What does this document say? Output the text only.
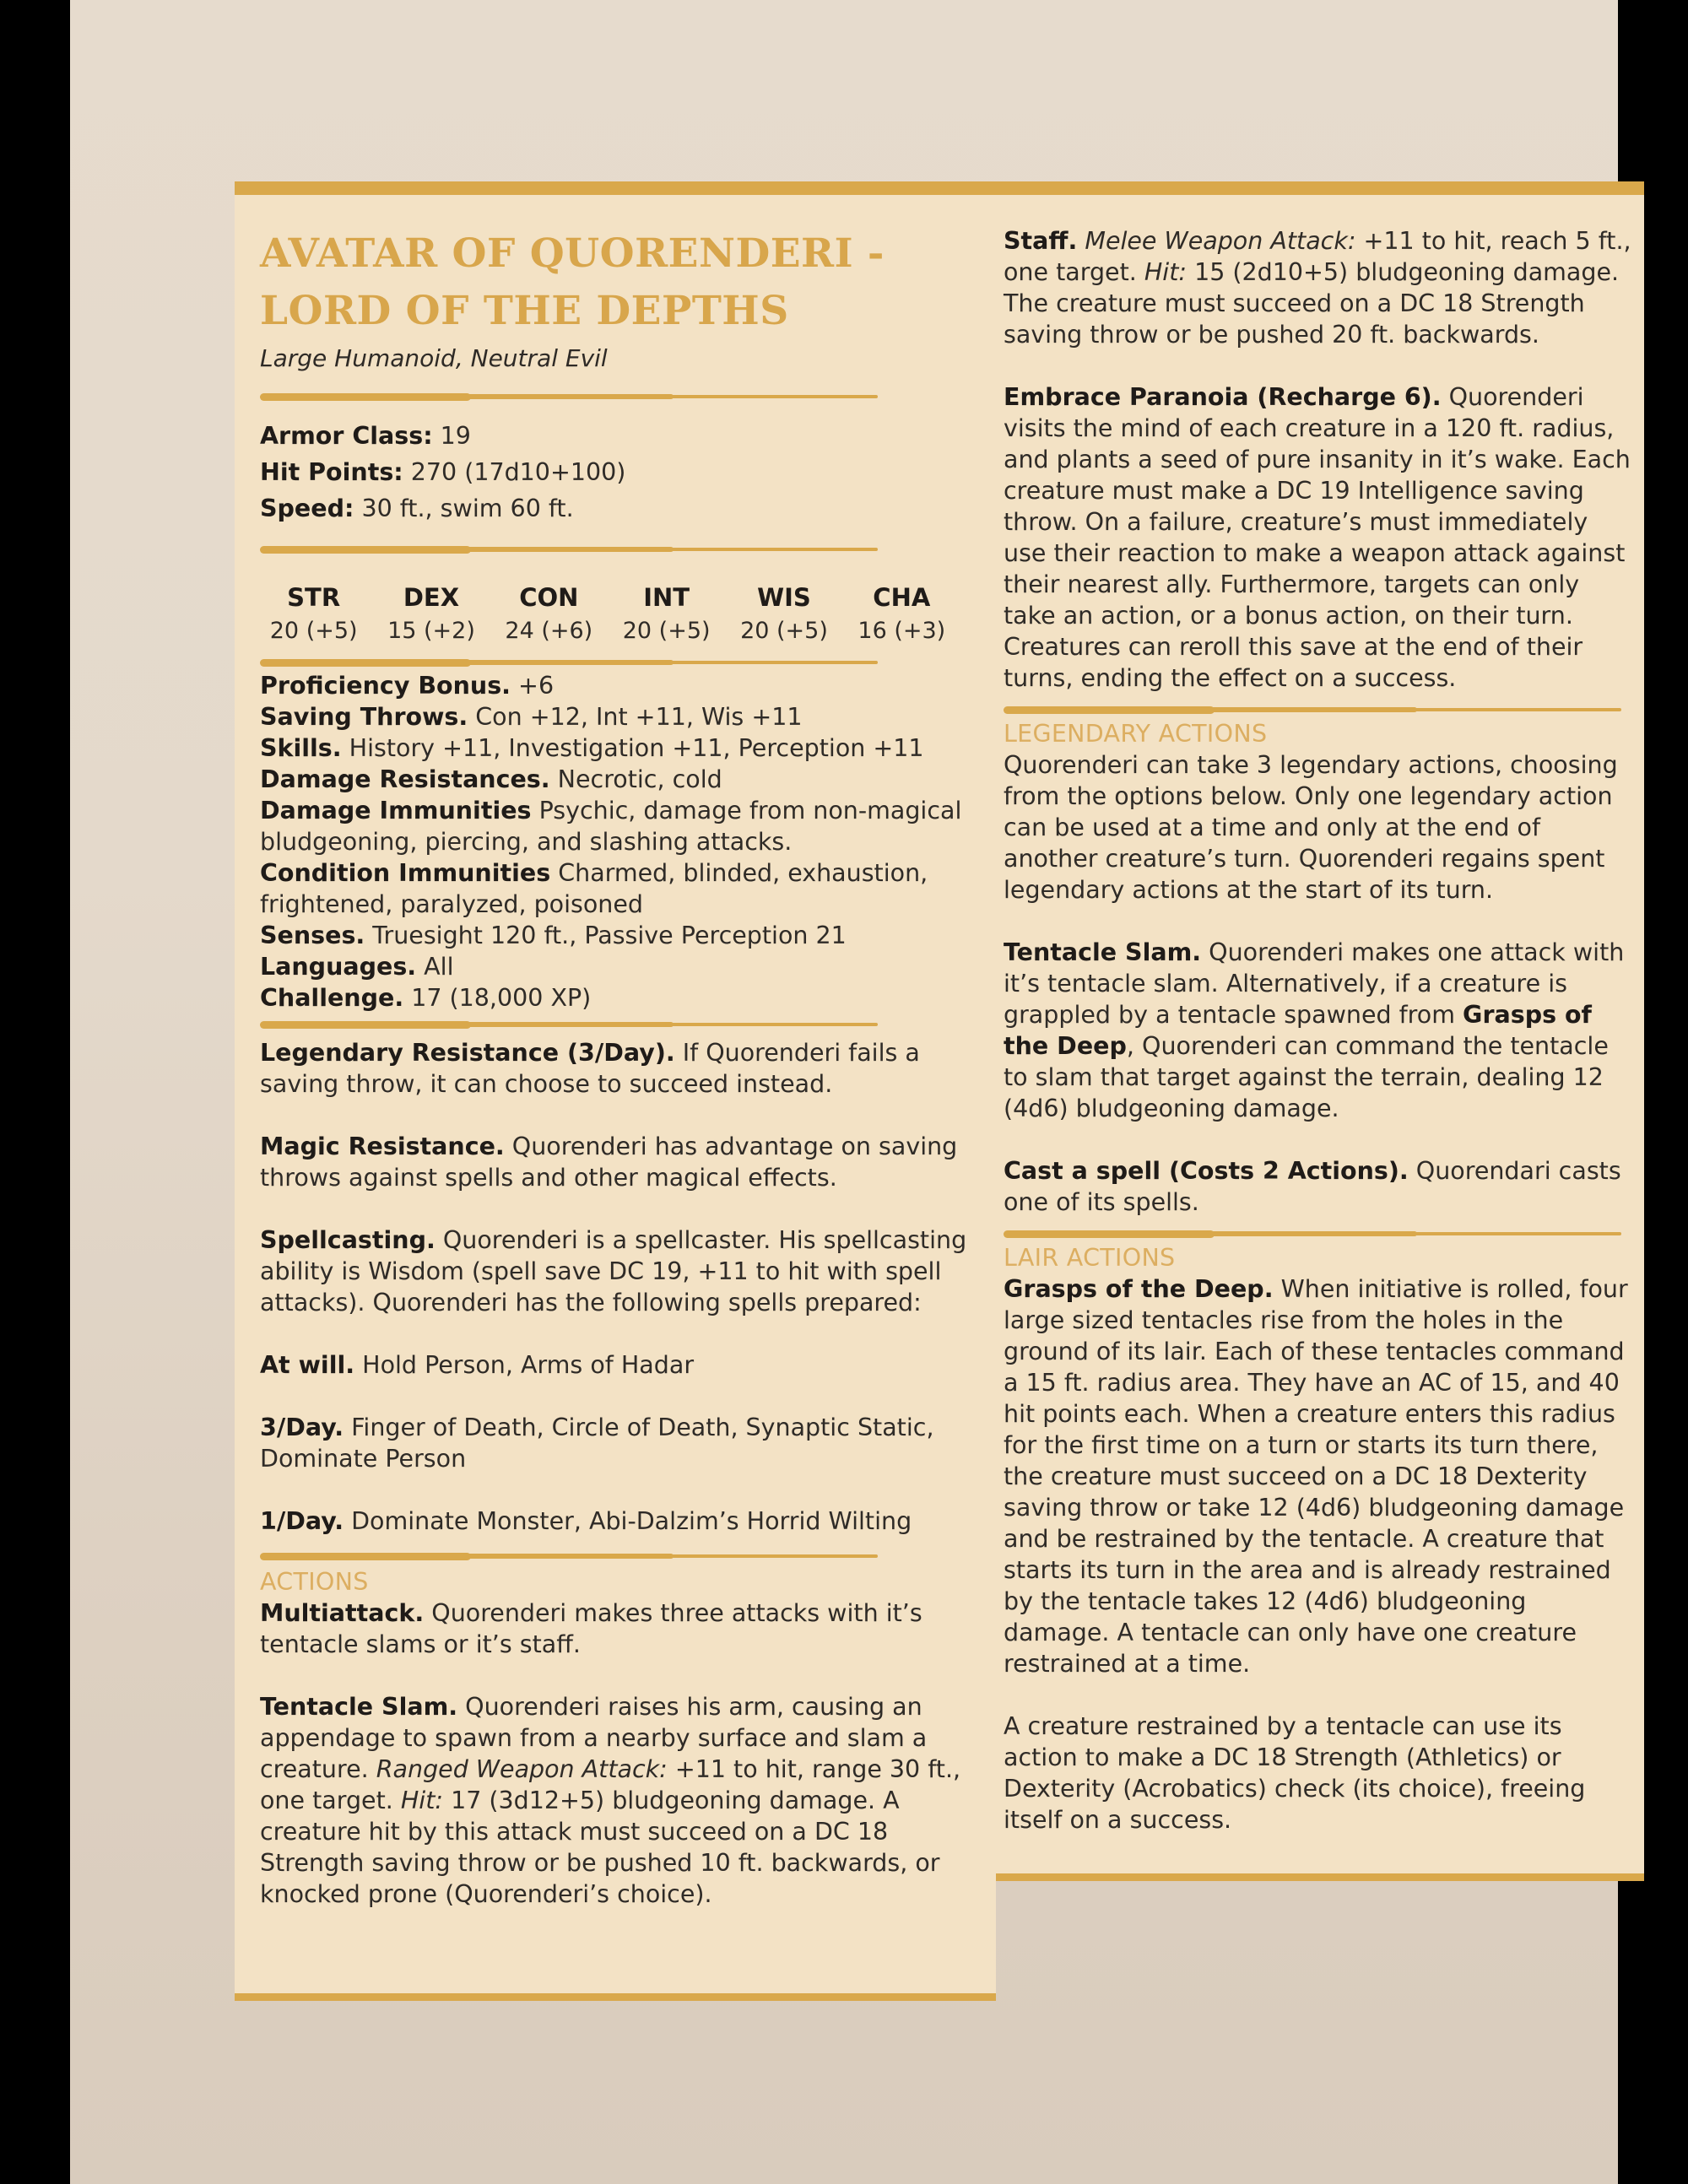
AVATAR OF QUORENDERI -
LORD OF THE DEPTHS
Large Humanoid, Neutral Evil
Armor Class: 19
Hit Points: 270 (17d10+100)
Speed: 30 ft., swim 60 ft.
STR
20 (+5)
DEX
15 (+2)
CON
24 (+6)
INT
20 (+5)
WIS
20 (+5)
CHA
16 (+3)
Proficiency Bonus. +6
Saving Throws. Con +12, Int +11, Wis +11
Skills. History +11, Investigation +11, Perception +11
Damage Resistances. Necrotic, cold
Damage Immunities Psychic, damage from non-magical bludgeoning, piercing, and slashing attacks.
Condition Immunities Charmed, blinded, exhaustion, frightened, paralyzed, poisoned
Senses. Truesight 120 ft., Passive Perception 21
Languages. All
Challenge. 17 (18,000 XP)

Legendary Resistance (3/Day). If Quorenderi fails a saving throw, it can choose to succeed instead.

Magic Resistance. Quorenderi has advantage on saving throws against spells and other magical effects.

Spellcasting. Quorenderi is a spellcaster. His spellcasting ability is Wisdom (spell save DC 19, +11 to hit with spell attacks). Quorenderi has the following spells prepared:

At will. Hold Person, Arms of Hadar

3/Day. Finger of Death, Circle of Death, Synaptic Static, Dominate Person

1/Day. Dominate Monster, Abi-Dalzim’s Horrid Wilting

ACTIONS

Multiattack. Quorenderi makes three attacks with it’s tentacle slams or it’s staff.

Tentacle Slam. Quorenderi raises his arm, causing an appendage to spawn from a nearby surface and slam a creature. Ranged Weapon Attack: +11 to hit, range 30 ft., one target. Hit: 17 (3d12+5) bludgeoning damage. A creature hit by this attack must succeed on a DC 18 Strength saving throw or be pushed 10 ft. backwards, or knocked prone (Quorenderi’s choice).

Staff. Melee Weapon Attack: +11 to hit, reach 5 ft., one target. Hit: 15 (2d10+5) bludgeoning damage. The creature must succeed on a DC 18 Strength saving throw or be pushed 20 ft. backwards.

Embrace Paranoia (Recharge 6). Quorenderi visits the mind of each creature in a 120 ft. radius, and plants a seed of pure insanity in it’s wake. Each creature must make a DC 19 Intelligence saving throw. On a failure, creature’s must immediately use their reaction to make a weapon attack against their nearest ally. Furthermore, targets can only take an action, or a bonus action, on their turn. Creatures can reroll this save at the end of their turns, ending the effect on a success.

LEGENDARY ACTIONS

Quorenderi can take 3 legendary actions, choosing from the options below. Only one legendary action can be used at a time and only at the end of another creature’s turn. Quorenderi regains spent legendary actions at the start of its turn.

Tentacle Slam. Quorenderi makes one attack with it’s tentacle slam. Alternatively, if a creature is grappled by a tentacle spawned from Grasps of the Deep, Quorenderi can command the tentacle to slam that target against the terrain, dealing 12 (4d6) bludgeoning damage.

Cast a spell (Costs 2 Actions). Quorendari casts one of its spells.

LAIR ACTIONS

Grasps of the Deep. When initiative is rolled, four large sized tentacles rise from the holes in the ground of its lair. Each of these tentacles command a 15 ft. radius area. They have an AC of 15, and 40 hit points each. When a creature enters this radius for the first time on a turn or starts its turn there, the creature must succeed on a DC 18 Dexterity saving throw or take 12 (4d6) bludgeoning damage and be restrained by the tentacle. A creature that starts its turn in the area and is already restrained by the tentacle takes 12 (4d6) bludgeoning damage. A tentacle can only have one creature restrained at a time.

A creature restrained by a tentacle can use its action to make a DC 18 Strength (Athletics) or Dexterity (Acrobatics) check (its choice), freeing itself on a success.
